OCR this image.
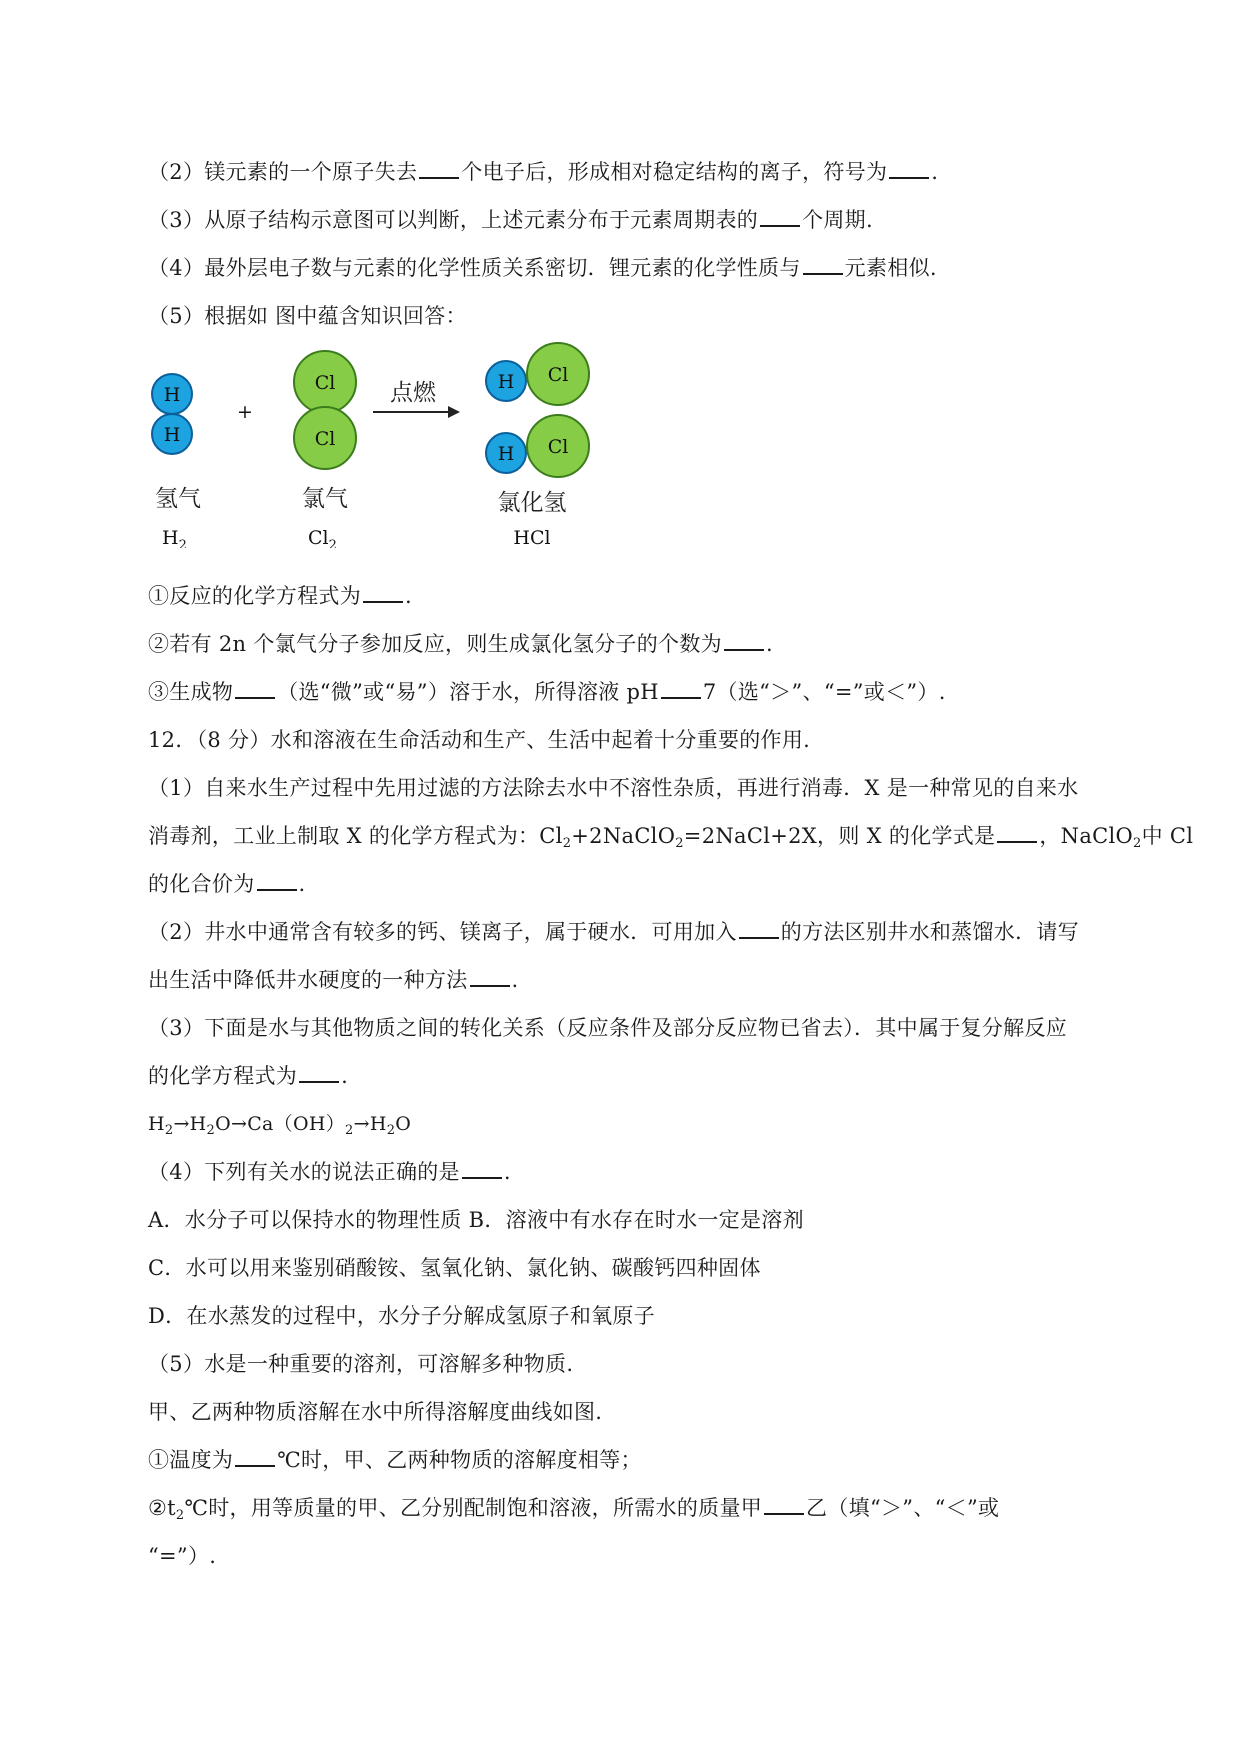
（2）镁元素的一个原子失去 个电子后，形成相对稳定结构的离子，符号为 .
（3）从原子结构示意图可以判断，上述元素分布于元素周期表的 个周期.
（4）最外层电子数与元素的化学性质关系密切．锂元素的化学性质与 元素相似.
（5）根据如 图中蕴含知识回答：
H
H
+
Cl
Cl
点燃	H Cl
H Cl
氢气	氯气	氯化氢
$H_2$	$Cl_2$	HCl
①反应的化学方程式为 .
②若有 2n 个氯气分子参加反应，则生成氯化氢分子的个数为 .
③生成物 （选“微”或“易”）溶于水，所得溶液 pH 7（选“＞”、“=”或＜”）.
12．（8 分）水和溶液在生命活动和生产、生活中起着十分重要的作用.
（1）自来水生产过程中先用过滤的方法除去水中不溶性杂质，再进行消毒．X 是一种常见的自来水
消毒剂，工业上制取 X 的化学方程式为：$Cl_2+2NaClO_2=2NaCl+2X$，则 X 的化学式是 ，NaClO$_2$中 Cl
的化合价为 .
（2）井水中通常含有较多的钙、镁离子，属于硬水．可用加入 的方法区别井水和蒸馏水．请写
出生活中降低井水硬度的一种方法 .
（3）下面是水与其他物质之间的转化关系（反应条件及部分反应物已省去）．其中属于复分解反应
的化学方程式为 .
$H_2\to H_2O\to Ca(OH)_2\to H_2O$
（4）下列有关水的说法正确的是 .
A．水分子可以保持水的物理性质 B．溶液中有水存在时水一定是溶剂
C．水可以用来鉴别硝酸铵、氢氧化钠、氯化钠、碳酸钙四种固体
D．在水蒸发的过程中，水分子分解成氢原子和氧原子
（5）水是一种重要的溶剂，可溶解多种物质.
甲、乙两种物质溶解在水中所得溶解度曲线如图.
①温度为 ℃时，甲、乙两种物质的溶解度相等；
$②t_2℃$时，用等质量的甲、乙分别配制饱和溶液，所需水的质量甲 乙（填“＞”、“＜”或
“=”）.
